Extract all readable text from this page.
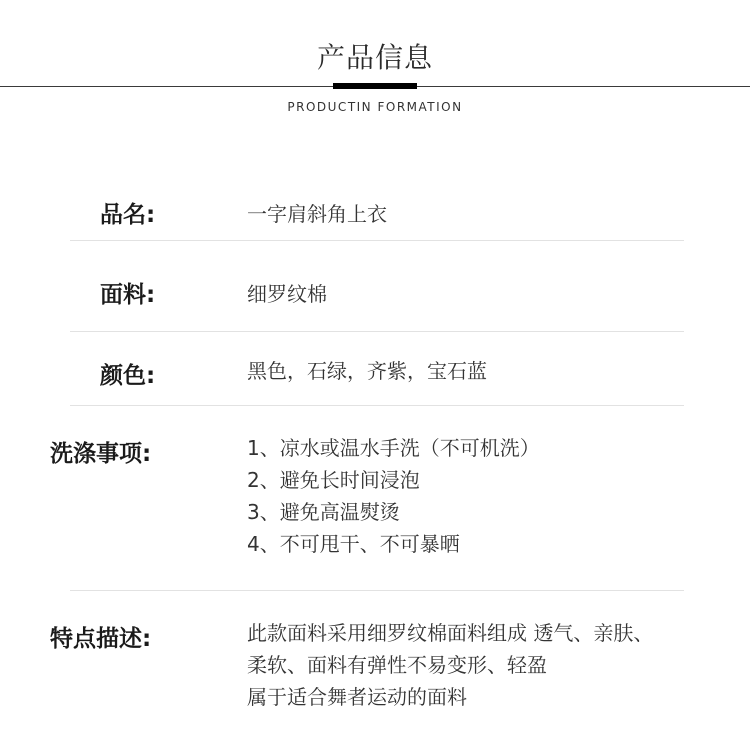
产品信息
PRODUCTIN FORMATION
品名:	一字肩斜角上衣
面料:	细罗纹棉
颜色:	黑色，石绿，齐紫，宝石蓝
洗涤事项:	1、凉水或温水手洗（不可机洗）
2、避免长时间浸泡
3、避免高温熨烫
4、不可甩干、不可暴晒
特点描述:	此款面料采用细罗纹棉面料组成 透气、亲肤、
柔软、面料有弹性不易变形、轻盈
属于适合舞者运动的面料
